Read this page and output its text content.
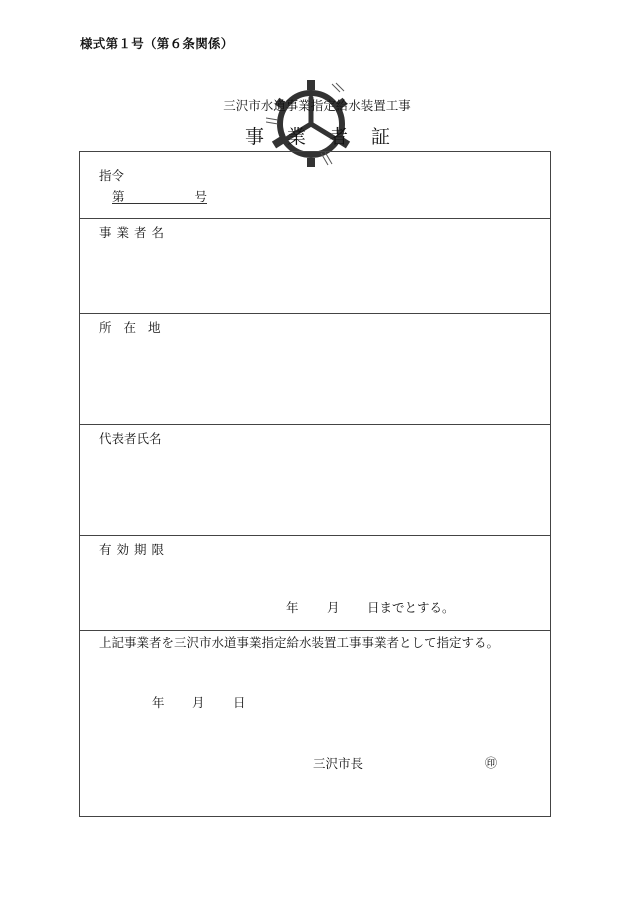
様式第１号（第６条関係）
三沢市水道事業指定給水装置工事
事 業 者 証
指令
第	号
事業者名
所在地
代表者氏名
有効期限
年 月 日までとする。
上記事業者を三沢市水道事業指定給水装置工事事業者として指定する。
年 月 日
三沢市長	㊞
